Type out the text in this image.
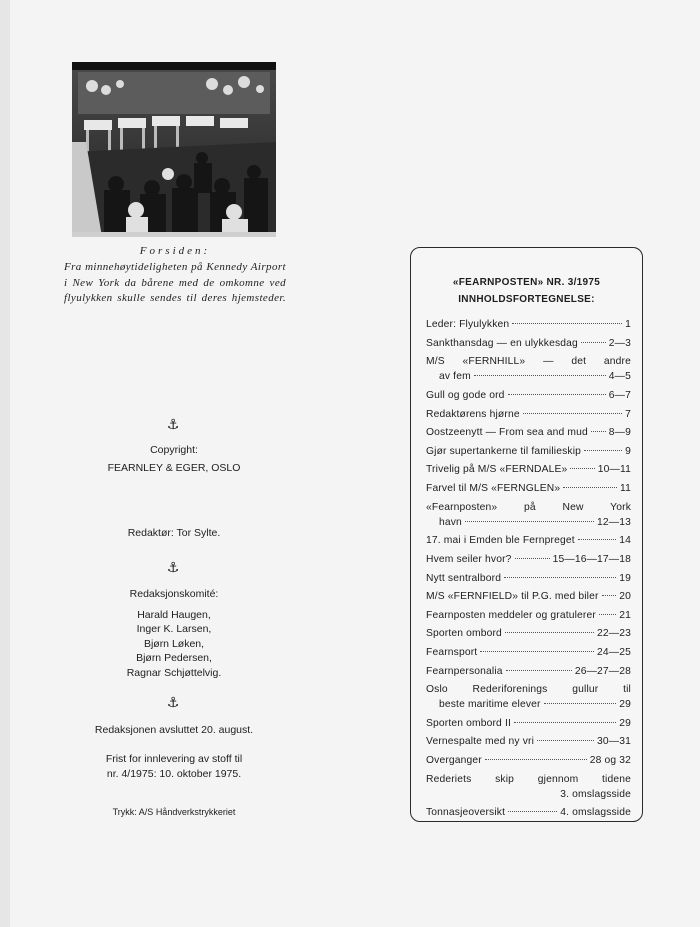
Forsiden:
Fra minnehøytideligheten på Kennedy Airport i New York da bårene med de omkomne ved flyulykken skulle sendes til deres hjemsteder.
⚓
Copyright:
FEARNLEY & EGER, OSLO
Redaktør: Tor Sylte.
⚓
Redaksjonskomité:
Harald Haugen,
Inger K. Larsen,
Bjørn Løken,
Bjørn Pedersen,
Ragnar Schjøttelvig.
⚓
Redaksjonen avsluttet 20. august.
Frist for innlevering av stoff til
nr. 4/1975: 10. oktober 1975.
Trykk: A/S Håndverkstrykkeriet
«FEARNPOSTEN» NR. 3/1975
INNHOLDSFORTEGNELSE:
Leder: Flyulykken	1
Sankthansdag — en ulykkesdag	2—3
M/S «FERNHILL» — det andre
av fem	4—5
Gull og gode ord	6—7
Redaktørens hjørne	7
Oostzeenytt — From sea and mud 8—9
Gjør supertankerne til familieskip	9
Trivelig på M/S «FERNDALE»	10—11
Farvel til M/S «FERNGLEN»	11
«Fearnposten» på New York
havn	12—13
17. mai i Emden ble Fernpreget	14
Hvem seiler hvor?	15—16—17—18
Nytt sentralbord	19
M/S «FERNFIELD» til P.G. med biler 20
Fearnposten meddeler og gratulerer 21
Sporten ombord	22—23
Fearnsport	24—25
Fearnpersonalia	26—27—28
Oslo Rederiforenings gullur til
beste maritime elever	29
Sporten ombord II	29
Vernespalte med ny vri	30—31
Overganger	28 og 32
Rederiets skip gjennom tidene
3. omslagsside
Tonnasjeoversikt	4. omslagsside
